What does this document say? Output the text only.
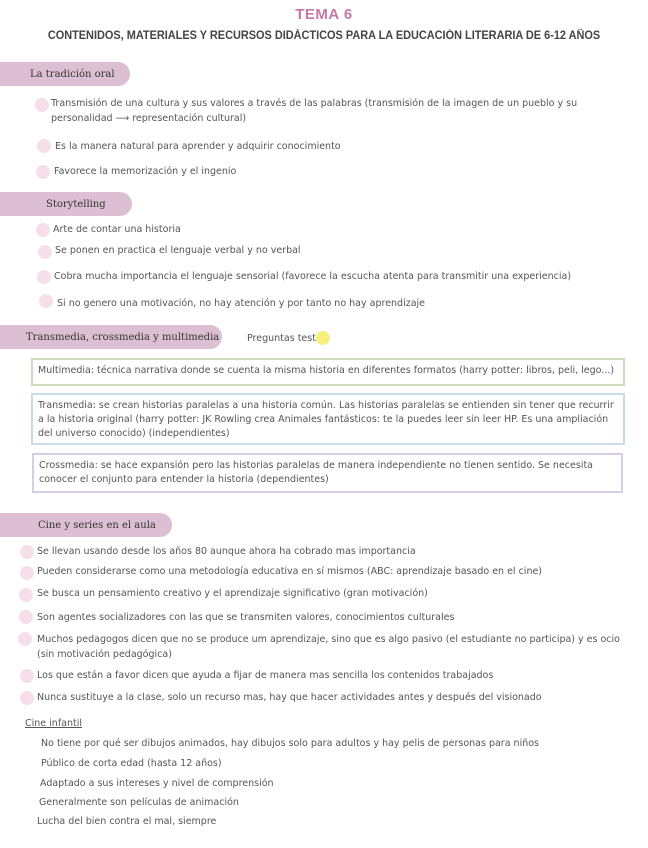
TEMA 6
CONTENIDOS, MATERIALES Y RECURSOS DIDÁCTICOS PARA LA EDUCACIÓN LITERARIA DE 6-12 AÑOS
La tradición oral
Transmisión de una cultura y sus valores a través de las palabras (transmisión de la imagen de un pueblo y su personalidad ⟶ representación cultural)
Es la manera natural para aprender y adquirir conocimiento
Favorece la memorización y el ingenio
Storytelling
Arte de contar una historia
Se ponen en practica el lenguaje verbal y no verbal
Cobra mucha importancia el lenguaje sensorial (favorece la escucha atenta para transmitir una experiencia)
Si no genero una motivación, no hay atención y por tanto no hay aprendizaje
Transmedia, crossmedia y multimedia	Preguntas test
Multimedia: técnica narrativa donde se cuenta la misma historia en diferentes formatos (harry potter: libros, peli, lego...)
Transmedia: se crean historias paralelas a una historia común. Las historias paralelas se entienden sin tener que recurrir a la historia original (harry potter: JK Rowling crea Animales fantásticos: te la puedes leer sin leer HP. Es una ampliación del universo conocido) (independientes)
Crossmedia: se hace expansión pero las historias paralelas de manera independiente no tienen sentido. Se necesita conocer el conjunto para entender la historia (dependientes)
Cine y series en el aula
Se llevan usando desde los años 80 aunque ahora ha cobrado mas importancia
Pueden considerarse como una metodología educativa en sí mismos (ABC: aprendizaje basado en el cine)
Se busca un pensamiento creativo y el aprendizaje significativo (gran motivación)
Son agentes socializadores con las que se transmiten valores, conocimientos culturales
Muchos pedagogos dicen que no se produce um aprendizaje, sino que es algo pasivo (el estudiante no participa) y es ocio (sin motivación pedagógica)
Los que están a favor dicen que ayuda a fijar de manera mas sencilla los contenidos trabajados
Nunca sustituye a la clase, solo un recurso mas, hay que hacer actividades antes y después del visionado
Cine infantil
No tiene por qué ser dibujos animados, hay dibujos solo para adultos y hay pelis de personas para niños
Público de corta edad (hasta 12 años)
Adaptado a sus intereses y nivel de comprensión
Generalmente son películas de animación
Lucha del bien contra el mal, siempre
